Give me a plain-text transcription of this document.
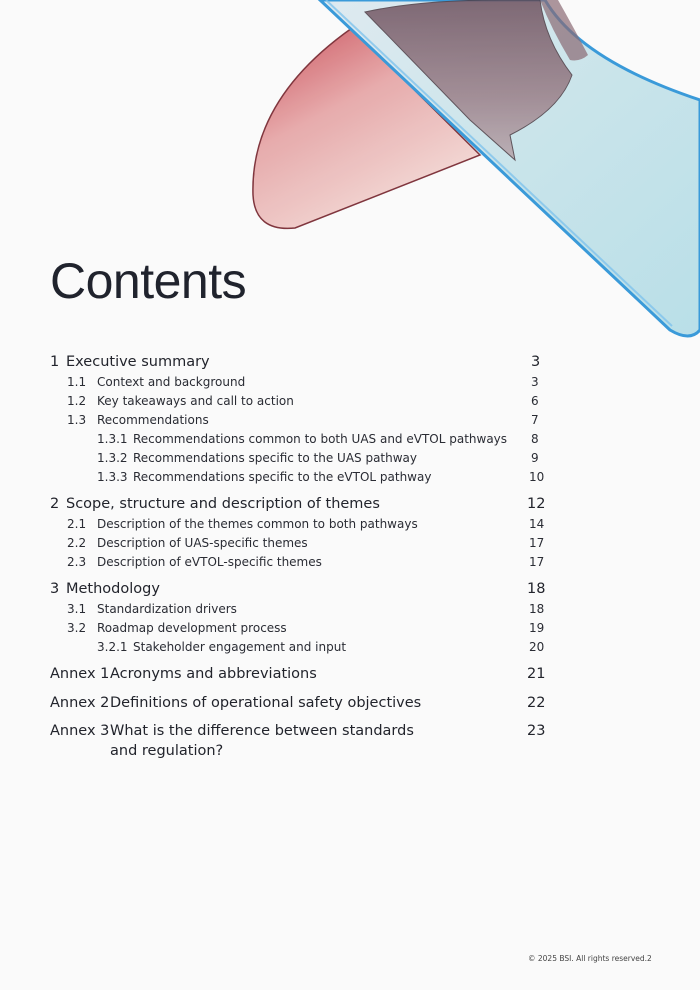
Contents
1 Executive summary	3
1.1 Context and background	3
1.2 Key takeaways and call to action	6
1.3 Recommendations	7
1.3.1 Recommendations common to both UAS and eVTOL pathways 8
1.3.2 Recommendations specific to the UAS pathway	9
1.3.3 Recommendations specific to the eVTOL pathway	10
2 Scope, structure and description of themes	12
2.1 Description of the themes common to both pathways	14
2.2 Description of UAS-specific themes	17
2.3 Description of eVTOL-specific themes	17
3 Methodology	18
3.1 Standardization drivers	18
3.2 Roadmap development process	19
3.2.1 Stakeholder engagement and input	20
Annex 1 Acronyms and abbreviations	21
Annex 2 Definitions of operational safety objectives	22
Annex 3 What is the difference between standards
and regulation?
23
© 2025 BSI. All rights reserved. 2
